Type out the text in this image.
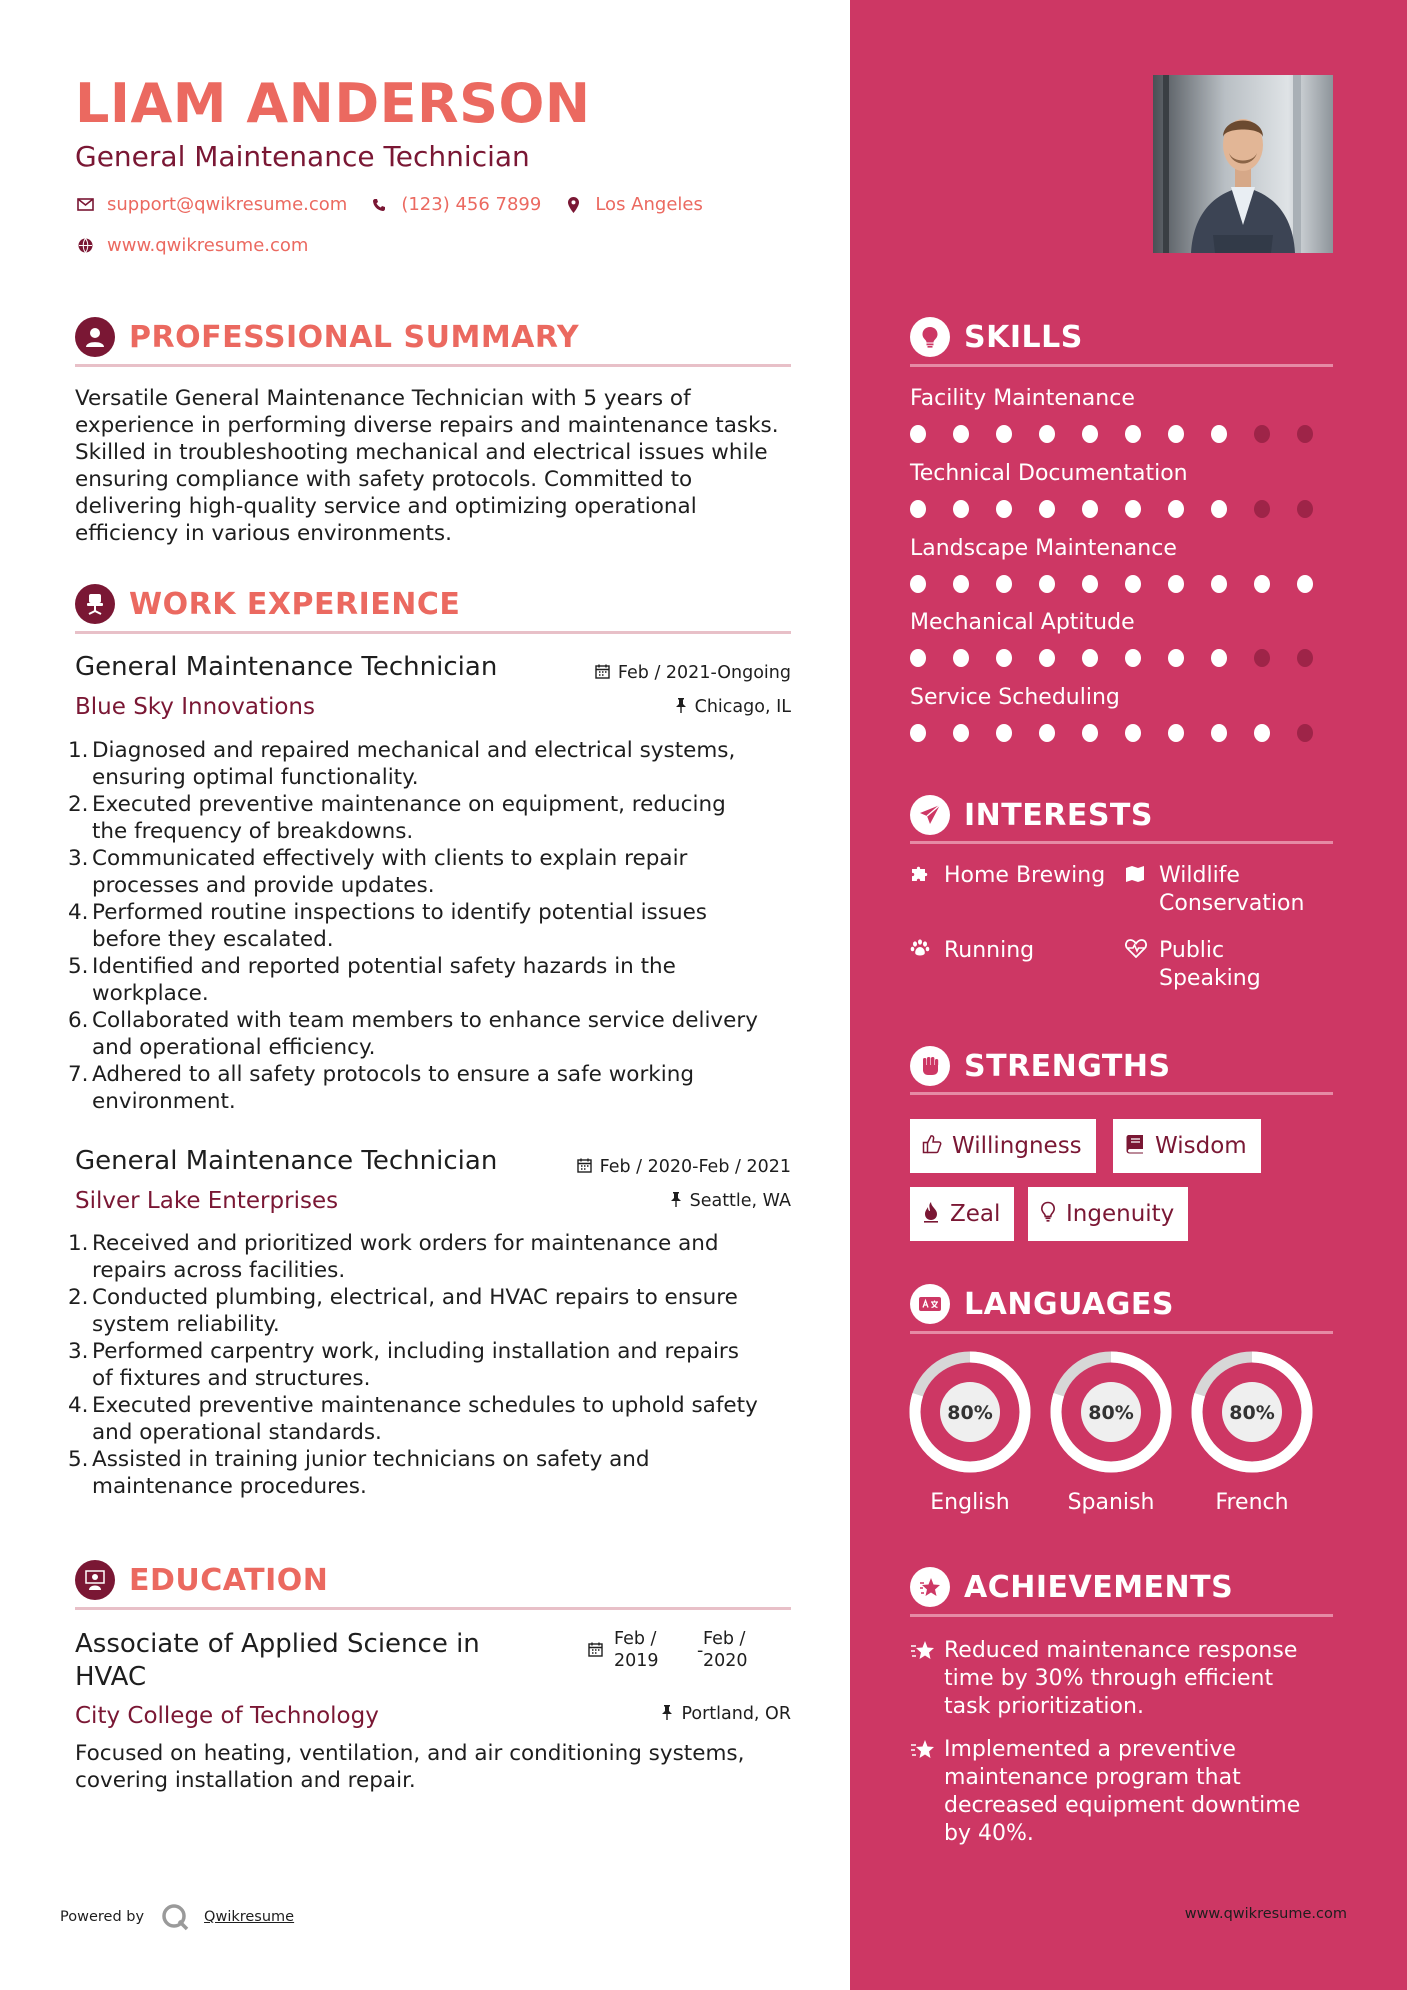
LIAM ANDERSON
General Maintenance Technician
support@qwikresume.com	(123) 456 7899	Los Angeles
www.qwikresume.com
PROFESSIONAL SUMMARY
Versatile General Maintenance Technician with 5 years of experience in performing diverse repairs and maintenance tasks. Skilled in troubleshooting mechanical and electrical issues while ensuring compliance with safety protocols. Committed to delivering high-quality service and optimizing operational efficiency in various environments.
WORK EXPERIENCE
General Maintenance Technician	Feb / 2021-Ongoing
Blue Sky Innovations	Chicago, IL
1. Diagnosed and repaired mechanical and electrical systems,
ensuring optimal functionality.
2. Executed preventive maintenance on equipment, reducing
the frequency of breakdowns.
3. Communicated effectively with clients to explain repair
processes and provide updates.
4. Performed routine inspections to identify potential issues
before they escalated.
5. Identified and reported potential safety hazards in the
workplace.
6. Collaborated with team members to enhance service delivery
and operational efficiency.
7. Adhered to all safety protocols to ensure a safe working
environment.
General Maintenance Technician	Feb / 2020-Feb / 2021
Silver Lake Enterprises	Seattle, WA
1. Received and prioritized work orders for maintenance and
repairs across facilities.
2. Conducted plumbing, electrical, and HVAC repairs to ensure
system reliability.
3. Performed carpentry work, including installation and repairs
of fixtures and structures.
4. Executed preventive maintenance schedules to uphold safety
and operational standards.
5. Assisted in training junior technicians on safety and
maintenance procedures.
EDUCATION
Associate of Applied Science in
HVAC
Feb /
2019 -
Feb /
2020
City College of Technology	Portland, OR
Focused on heating, ventilation, and air conditioning systems, covering installation and repair.
Powered by	Qwikresume
SKILLS
Facility Maintenance
Technical Documentation
Landscape Maintenance
Mechanical Aptitude
Service Scheduling
INTERESTS
Home Brewing Wildlife
Conservation
Running	Public
Speaking
STRENGTHS
Willingness	Wisdom
Zeal	Ingenuity
LANGUAGES
80%
English
80%
Spanish
80%
French
ACHIEVEMENTS
Reduced maintenance response
time by 30% through efficient
task prioritization.
Implemented a preventive
maintenance program that
decreased equipment downtime
by 40%.
www.qwikresume.com
